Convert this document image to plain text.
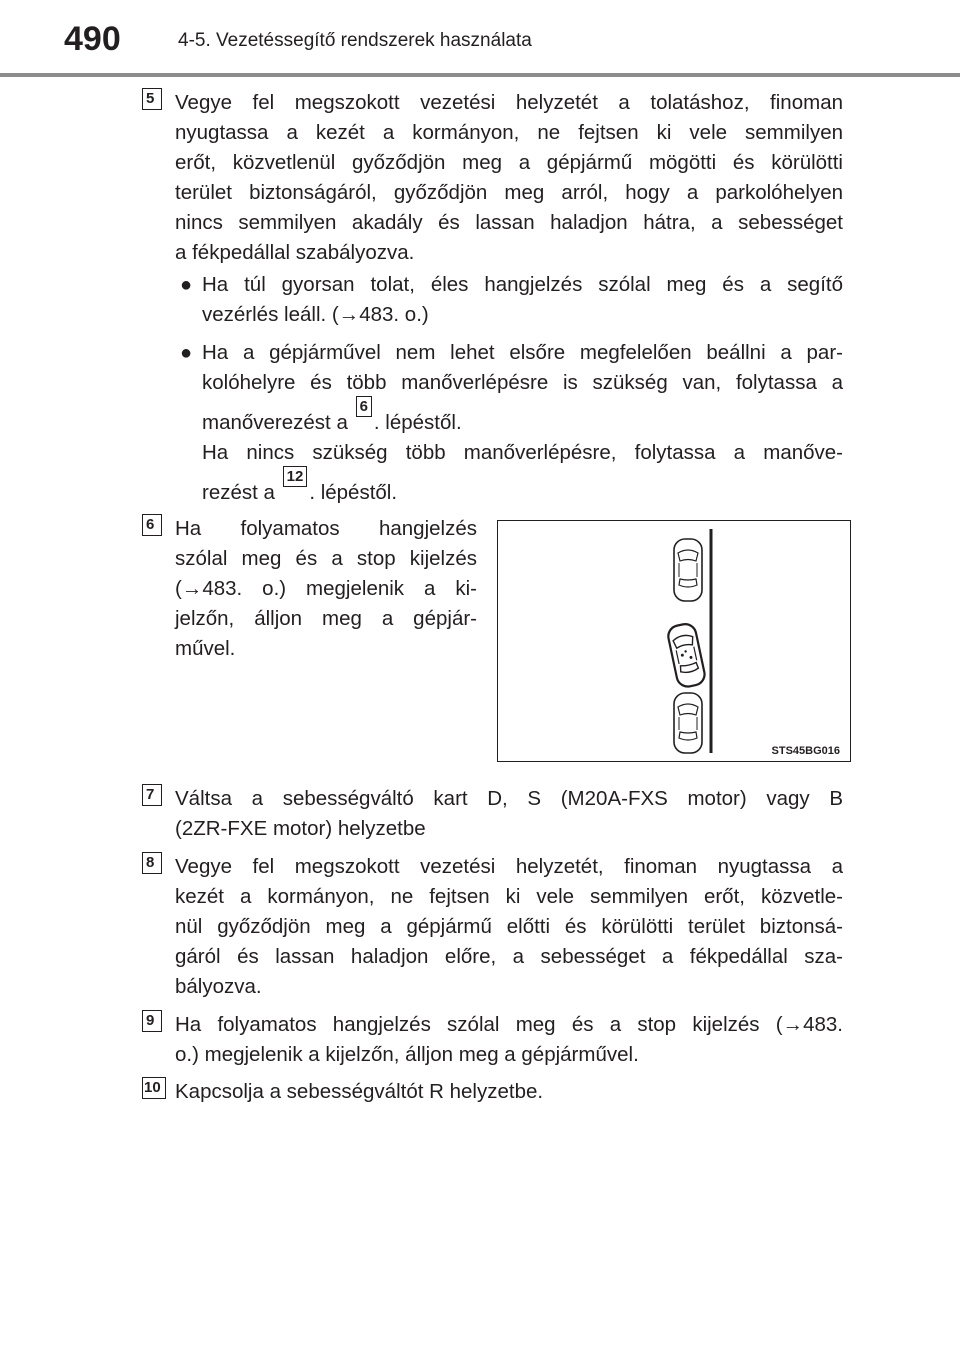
490	4-5. Vezetéssegítő rendszerek használata
5	Vegye fel megszokott vezetési helyzetét a tolatáshoz, finoman
nyugtassa a kezét a kormányon, ne fejtsen ki vele semmilyen
erőt, közvetlenül győződjön meg a gépjármű mögötti és körülötti
terület biztonságáról, győződjön meg arról, hogy a parkolóhelyen
nincs semmilyen akadály és lassan haladjon hátra, a sebességet
a fékpedállal szabályozva.
● Ha túl gyorsan tolat, éles hangjelzés szólal meg és a segítő
vezérlés leáll. (→483. o.)
● Ha a gépjárművel nem lehet elsőre megfelelően beállni a par-
kolóhelyre és több manőverlépésre is szükség van, folytassa a
manőverezést a 6. lépéstől.
Ha nincs szükség több manőverlépésre, folytassa a manőve-
rezést a 12. lépéstől.
6	Ha folyamatos hangjelzés
szólal meg és a stop kijelzés
(→483. o.) megjelenik a ki-
jelzőn, álljon meg a gépjár-
művel.
STS45BG016
7	Váltsa a sebességváltó kart D, S (M20A-FXS motor) vagy B
(2ZR-FXE motor) helyzetbe
8	Vegye fel megszokott vezetési helyzetét, finoman nyugtassa a
kezét a kormányon, ne fejtsen ki vele semmilyen erőt, közvetle-
nül győződjön meg a gépjármű előtti és körülötti terület biztonsá-
gáról és lassan haladjon előre, a sebességet a fékpedállal sza-
bályozva.
9	Ha folyamatos hangjelzés szólal meg és a stop kijelzés (→483.
o.) megjelenik a kijelzőn, álljon meg a gépjárművel.
10 Kapcsolja a sebességváltót R helyzetbe.
